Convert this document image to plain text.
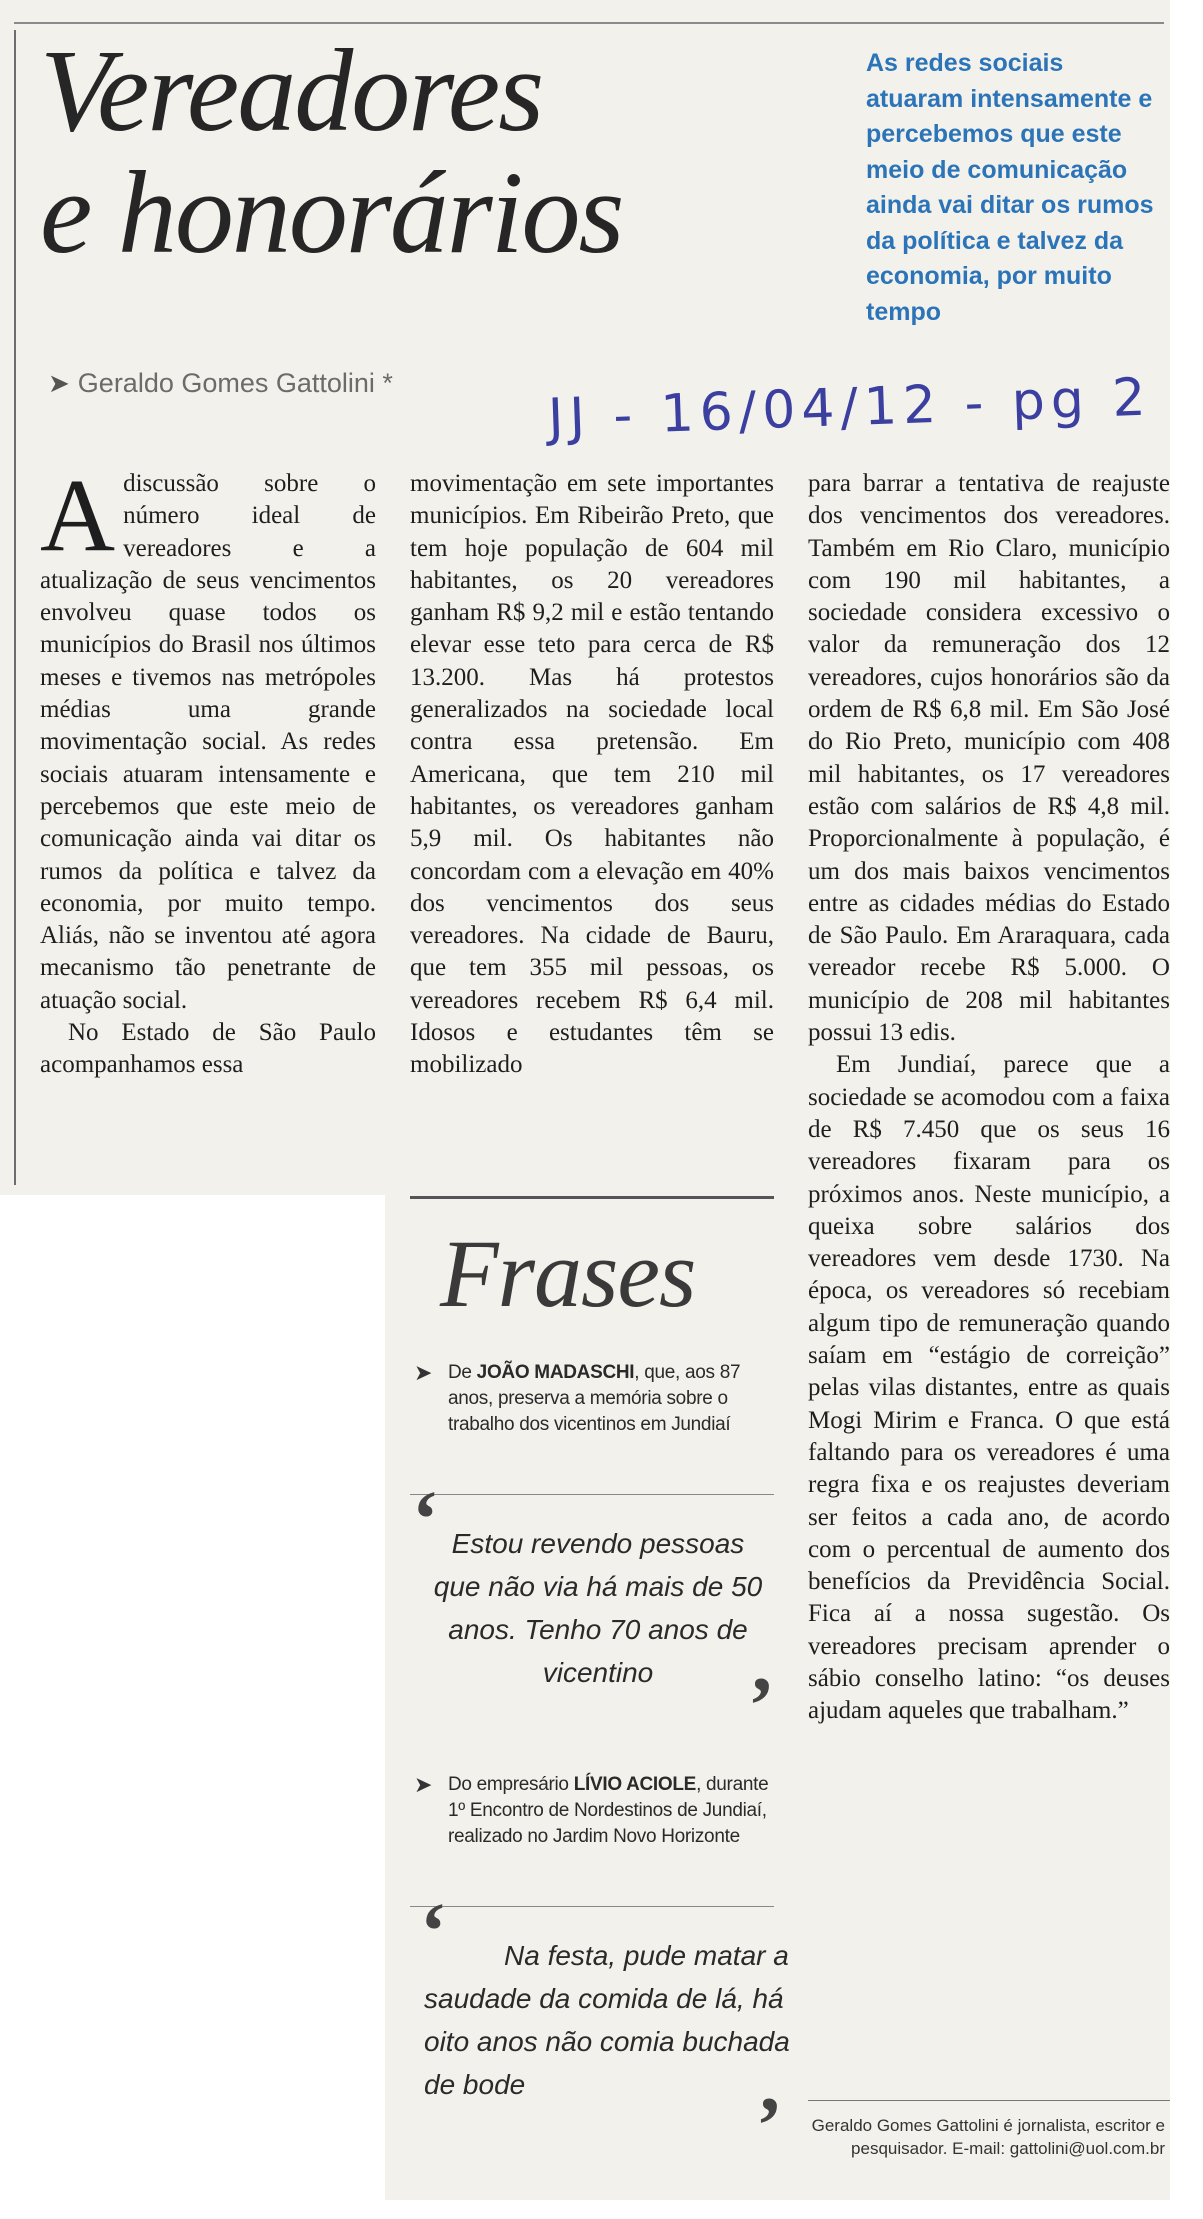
Vereadores
e honorários
➤ Geraldo Gomes Gattolini *
As redes sociais atuaram intensamente e percebemos que este meio de comunicação ainda vai ditar os rumos da política e talvez da economia, por muito tempo
JJ - 16/04/12 - pg 2

Adiscussão sobre o número ideal de vereadores e a atualização de seus vencimentos envolveu quase todos os municípios do Brasil nos últimos meses e tivemos nas metrópoles médias uma grande movimentação social. As redes sociais atuaram intensamente e percebemos que este meio de comunicação ainda vai ditar os rumos da política e talvez da economia, por muito tempo. Aliás, não se inventou até agora mecanismo tão penetrante de atuação social.

No Estado de São Paulo acompanhamos essa

movimentação em sete importantes municípios. Em Ribeirão Preto, que tem hoje população de 604 mil habitantes, os 20 vereadores ganham R$ 9,2 mil e estão tentando elevar esse teto para cerca de R$ 13.200. Mas há protestos generalizados na sociedade local contra essa pretensão. Em Americana, que tem 210 mil habitantes, os vereadores ganham 5,9 mil. Os habitantes não concordam com a elevação em 40% dos vencimentos dos seus vereadores. Na cidade de Bauru, que tem 355 mil pessoas, os vereadores recebem R$ 6,4 mil. Idosos e estudantes têm se mobilizado

para barrar a tentativa de reajuste dos vencimentos dos vereadores. Também em Rio Claro, município com 190 mil habitantes, a sociedade considera excessivo o valor da remuneração dos 12 vereadores, cujos honorários são da ordem de R$ 6,8 mil. Em São José do Rio Preto, município com 408 mil habitantes, os 17 vereadores estão com salários de R$ 4,8 mil. Proporcionalmente à população, é um dos mais baixos vencimentos entre as cidades médias do Estado de São Paulo. Em Araraquara, cada vereador recebe R$ 5.000. O município de 208 mil habitantes possui 13 edis.

Em Jundiaí, parece que a sociedade se acomodou com a faixa de R$ 7.450 que os seus 16 vereadores fixaram para os próximos anos. Neste município, a queixa sobre salários dos vereadores vem desde 1730. Na época, os vereadores só recebiam algum tipo de remuneração quando saíam em “estágio de correição” pelas vilas distantes, entre as quais Mogi Mirim e Franca. O que está faltando para os vereadores é uma regra fixa e os reajustes deveriam ser feitos a cada ano, de acordo com o percentual de aumento dos benefícios da Previdência Social. Fica aí a nossa sugestão. Os vereadores precisam aprender o sábio conselho latino: “os deuses ajudam aqueles que trabalham.”

Frases
➤ De JOÃO MADASCHI, que, aos 87 anos, preserva a memória sobre o trabalho dos vicentinos em Jundiaí
‘ Estou revendo pessoas que não via há mais de 50 anos. Tenho 70 anos de vicentino	’
➤ Do empresário LÍVIO ACIOLE, durante 1º Encontro de Nordestinos de Jundiaí, realizado no Jardim Novo Horizonte
‘	Na festa, pude matar a saudade da comida de lá, há oito anos não comia buchada de bode	’	Geraldo Gomes Gattolini é jornalista, escritor e pesquisador. E-mail: gattolini@uol.com.br
